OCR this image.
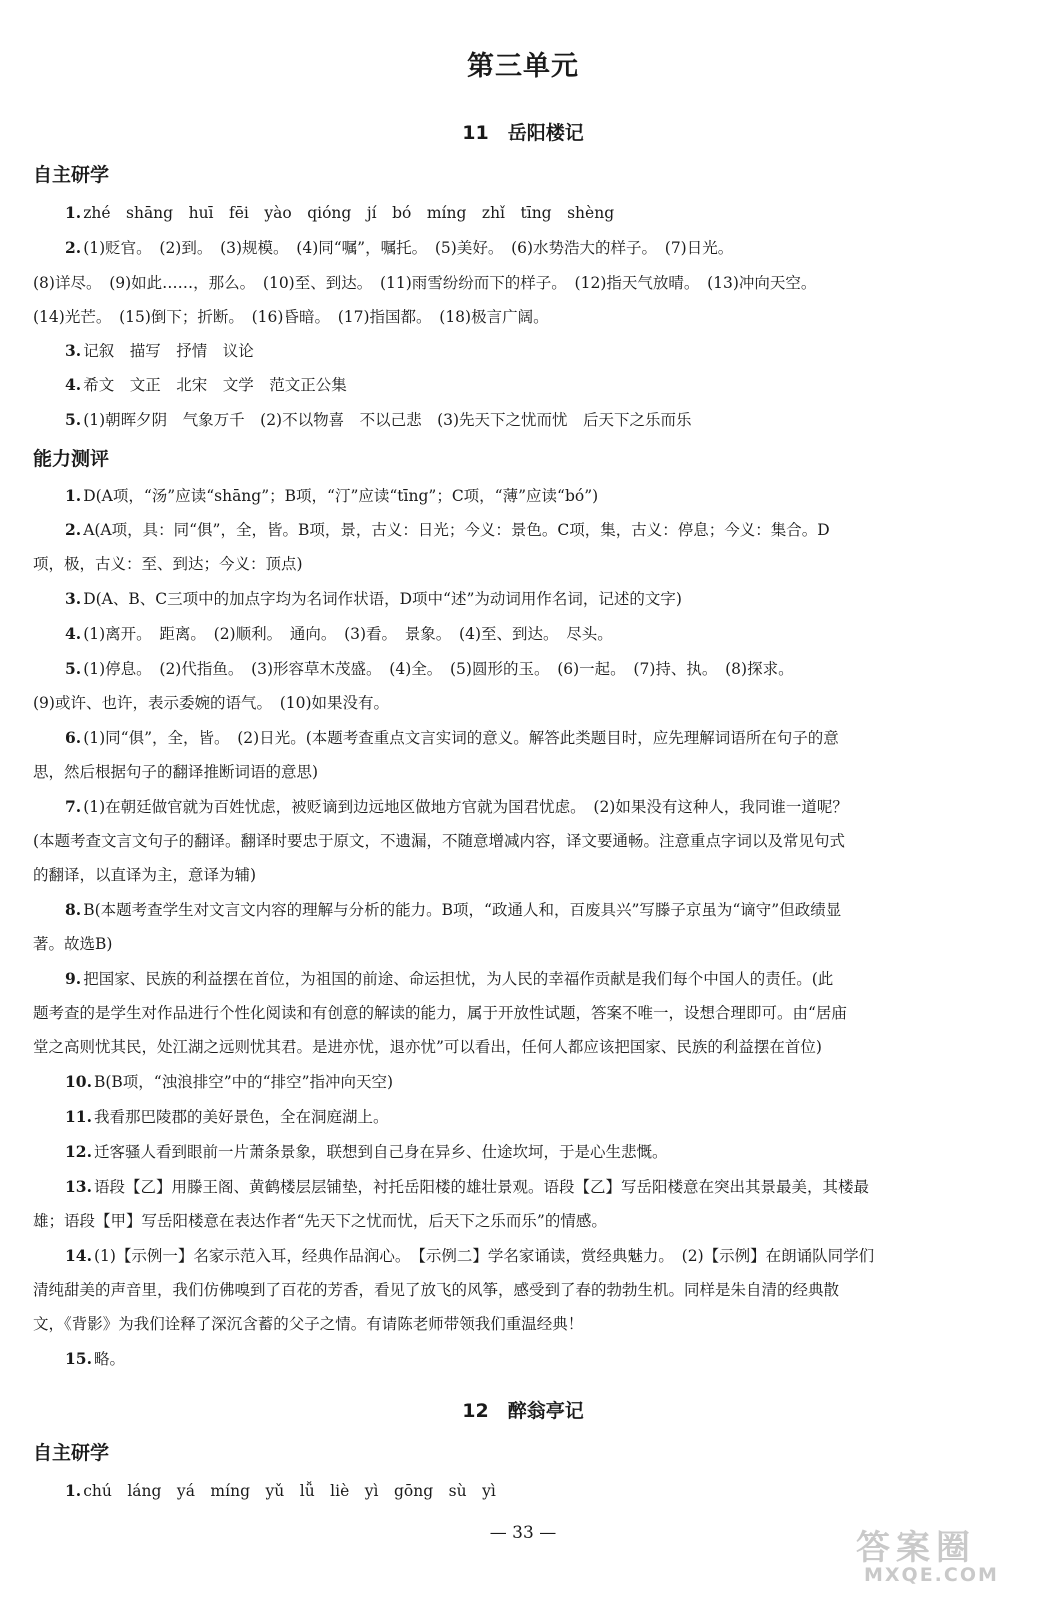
第三单元
11　岳阳楼记
自主研学
1. zhé　shāng　huī　fēi　yào　qióng　jí　bó　míng　zhǐ　tīng　shèng
2. (1)贬官。　(2)到。　(3)规模。　(4)同“嘱”，嘱托。　(5)美好。　(6)水势浩大的样子。　(7)日光。
(8)详尽。　(9)如此……，那么。　(10)至、到达。　(11)雨雪纷纷而下的样子。　(12)指天气放晴。　(13)冲向天空。
(14)光芒。　(15)倒下；折断。　(16)昏暗。　(17)指国都。　(18)极言广阔。
3. 记叙　描写　抒情　议论
4. 希文　文正　北宋　文学　范文正公集
5. (1)朝晖夕阴　气象万千　(2)不以物喜　不以己悲　(3)先天下之忧而忧　后天下之乐而乐
能力测评
1. D(A项，“汤”应读“shāng”；B项，“汀”应读“tīng”；C项，“薄”应读“bó”)
2. A(A项，具：同“俱”，全，皆。B项，景，古义：日光；今义：景色。C项，集，古义：停息；今义：集合。D
项，极，古义：至、到达；今义：顶点)
3. D(A、B、C三项中的加点字均为名词作状语，D项中“述”为动词用作名词，记述的文字)
4. (1)离开。　距离。　(2)顺利。　通向。　(3)看。　景象。　(4)至、到达。　尽头。
5. (1)停息。　(2)代指鱼。　(3)形容草木茂盛。　(4)全。　(5)圆形的玉。　(6)一起。　(7)持、执。　(8)探求。
(9)或许、也许，表示委婉的语气。　(10)如果没有。
6. (1)同“俱”，全，皆。　(2)日光。(本题考查重点文言实词的意义。解答此类题目时，应先理解词语所在句子的意
思，然后根据句子的翻译推断词语的意思)
7. (1)在朝廷做官就为百姓忧虑，被贬谪到边远地区做地方官就为国君忧虑。　(2)如果没有这种人，我同谁一道呢？
(本题考查文言文句子的翻译。翻译时要忠于原文，不遗漏，不随意增减内容，译文要通畅。注意重点字词以及常见句式
的翻译，以直译为主，意译为辅)
8. B(本题考查学生对文言文内容的理解与分析的能力。B项，“政通人和，百废具兴”写滕子京虽为“谪守”但政绩显
著。故选B)
9. 把国家、民族的利益摆在首位，为祖国的前途、命运担忧，为人民的幸福作贡献是我们每个中国人的责任。(此
题考查的是学生对作品进行个性化阅读和有创意的解读的能力，属于开放性试题，答案不唯一，设想合理即可。由“居庙
堂之高则忧其民，处江湖之远则忧其君。是进亦忧，退亦忧”可以看出，任何人都应该把国家、民族的利益摆在首位)
10. B(B项，“浊浪排空”中的“排空”指冲向天空)
11. 我看那巴陵郡的美好景色，全在洞庭湖上。
12. 迁客骚人看到眼前一片萧条景象，联想到自己身在异乡、仕途坎坷，于是心生悲慨。
13. 语段【乙】用滕王阁、黄鹤楼层层铺垫，衬托岳阳楼的雄壮景观。语段【乙】写岳阳楼意在突出其景最美，其楼最
雄；语段【甲】写岳阳楼意在表达作者“先天下之忧而忧，后天下之乐而乐”的情感。
14. (1)【示例一】名家示范入耳，经典作品润心。　【示例二】学名家诵读，赏经典魅力。　(2)【示例】在朗诵队同学们
清纯甜美的声音里，我们仿佛嗅到了百花的芳香，看见了放飞的风筝，感受到了春的勃勃生机。同样是朱自清的经典散
文，《背影》为我们诠释了深沉含蓄的父子之情。有请陈老师带领我们重温经典！
15. 略。
12　醉翁亭记
自主研学
1. chú　láng　yá　míng　yǔ　lǚ　liè　yì　gōng　sù　yì
— 33 —	答案圈
MXQE.COM
